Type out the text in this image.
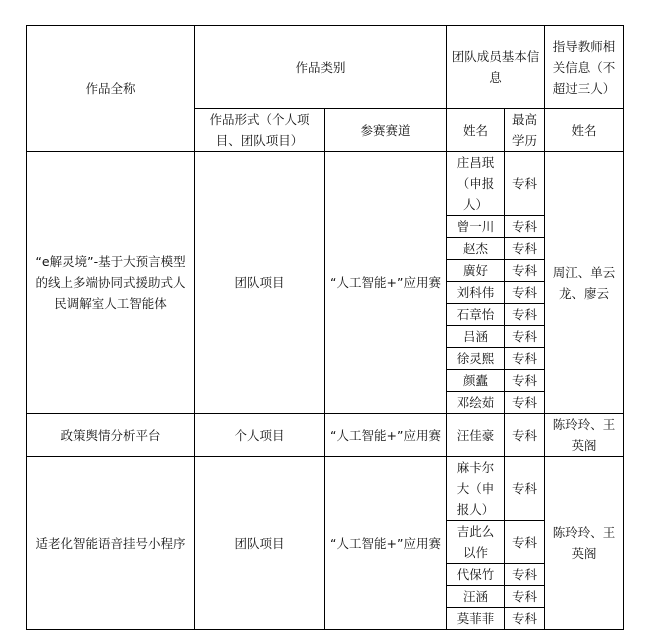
作品全称	作品类别		团队成员基本信息		指导教师相关信息（不超过三人）
	作品形式（个人项目、团队项目）	参赛赛道	姓名	最高学历	姓名
“e解灵境”-基于大预言模型的线上多端协同式援助式人民调解室人工智能体	团队项目	“人工智能+”应用赛	庄昌珉（申报人）	专科	周江、单云龙、廖云
			曾一川	专科	
			赵杰	专科	
			廣好	专科	
			刘科伟	专科	
			石章怡	专科	
			吕涵	专科	
			徐灵熙	专科	
			颜蠹	专科	
			邓绘茹	专科	
政策舆情分析平台	个人项目	“人工智能+”应用赛	汪佳豪	专科	陈玲玲、王英阁
适老化智能语音挂号小程序	团队项目	“人工智能+”应用赛	麻卡尔大（申报人）	专科	陈玲玲、王英阁
			吉此么以作	专科	
			代保竹	专科	
			汪涵	专科	
			莫菲菲	专科	
